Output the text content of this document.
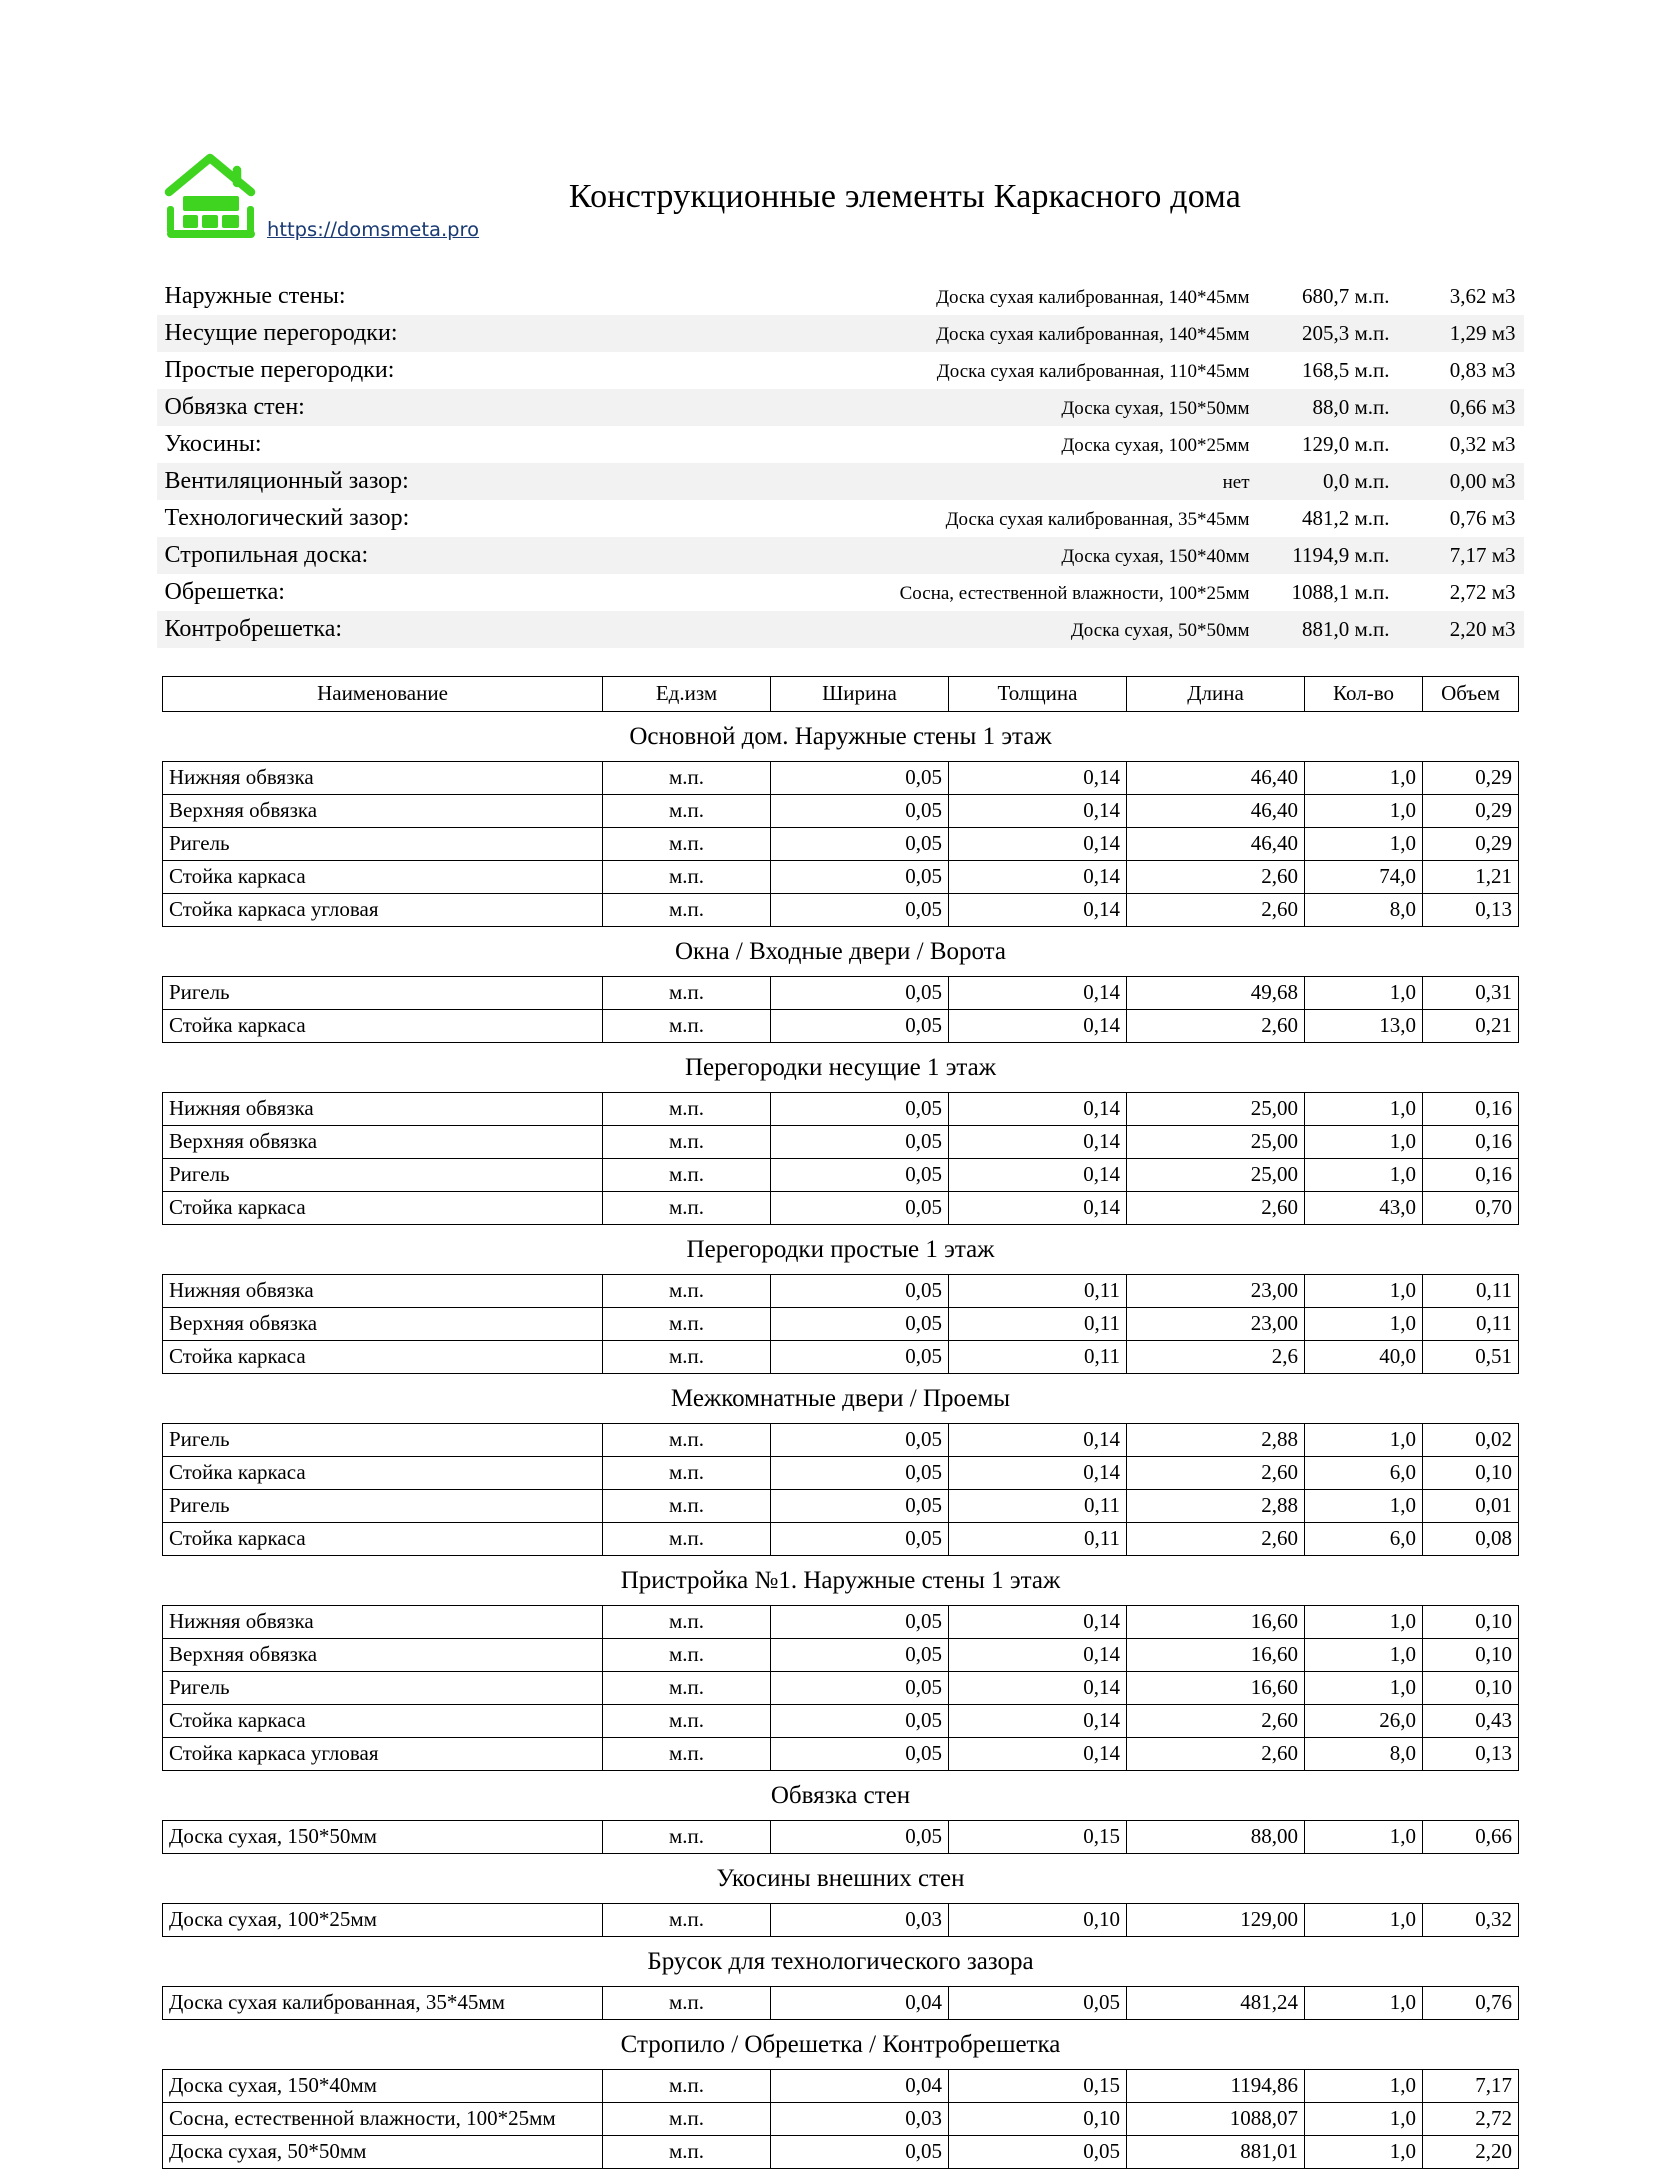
https://domsmeta.pro
Конструкционные элементы Каркасного дома
Наружные стены:	Доска сухая калиброванная, 140*45мм	680,7 м.п.	3,62 м3
Несущие перегородки:	Доска сухая калиброванная, 140*45мм	205,3 м.п.	1,29 м3
Простые перегородки:	Доска сухая калиброванная, 110*45мм	168,5 м.п.	0,83 м3
Обвязка стен:	Доска сухая, 150*50мм	88,0 м.п.	0,66 м3
Укосины:	Доска сухая, 100*25мм	129,0 м.п.	0,32 м3
Вентиляционный зазор:	нет	0,0 м.п.	0,00 м3
Технологический зазор:	Доска сухая калиброванная, 35*45мм	481,2 м.п.	0,76 м3
Стропильная доска:	Доска сухая, 150*40мм	1194,9 м.п.	7,17 м3
Обрешетка:	Сосна, естественной влажности, 100*25мм	1088,1 м.п.	2,72 м3
Контробрешетка:	Доска сухая, 50*50мм	881,0 м.п.	2,20 м3
Наименование	Ед.изм	Ширина	Толщина	Длина	Кол-во	Объем
Основной дом. Наружные стены 1 этаж						
Нижняя обвязка	м.п.	0,05	0,14	46,40	1,0	0,29
Верхняя обвязка	м.п.	0,05	0,14	46,40	1,0	0,29
Ригель	м.п.	0,05	0,14	46,40	1,0	0,29
Стойка каркаса	м.п.	0,05	0,14	2,60	74,0	1,21
Стойка каркаса угловая	м.п.	0,05	0,14	2,60	8,0	0,13
Окна / Входные двери / Ворота						
Ригель	м.п.	0,05	0,14	49,68	1,0	0,31
Стойка каркаса	м.п.	0,05	0,14	2,60	13,0	0,21
Перегородки несущие 1 этаж						
Нижняя обвязка	м.п.	0,05	0,14	25,00	1,0	0,16
Верхняя обвязка	м.п.	0,05	0,14	25,00	1,0	0,16
Ригель	м.п.	0,05	0,14	25,00	1,0	0,16
Стойка каркаса	м.п.	0,05	0,14	2,60	43,0	0,70
Перегородки простые 1 этаж						
Нижняя обвязка	м.п.	0,05	0,11	23,00	1,0	0,11
Верхняя обвязка	м.п.	0,05	0,11	23,00	1,0	0,11
Стойка каркаса	м.п.	0,05	0,11	2,6	40,0	0,51
Межкомнатные двери / Проемы						
Ригель	м.п.	0,05	0,14	2,88	1,0	0,02
Стойка каркаса	м.п.	0,05	0,14	2,60	6,0	0,10
Ригель	м.п.	0,05	0,11	2,88	1,0	0,01
Стойка каркаса	м.п.	0,05	0,11	2,60	6,0	0,08
Пристройка №1. Наружные стены 1 этаж						
Нижняя обвязка	м.п.	0,05	0,14	16,60	1,0	0,10
Верхняя обвязка	м.п.	0,05	0,14	16,60	1,0	0,10
Ригель	м.п.	0,05	0,14	16,60	1,0	0,10
Стойка каркаса	м.п.	0,05	0,14	2,60	26,0	0,43
Стойка каркаса угловая	м.п.	0,05	0,14	2,60	8,0	0,13
Обвязка стен						
Доска сухая, 150*50мм	м.п.	0,05	0,15	88,00	1,0	0,66
Укосины внешних стен						
Доска сухая, 100*25мм	м.п.	0,03	0,10	129,00	1,0	0,32
Брусок для технологического зазора						
Доска сухая калиброванная, 35*45мм	м.п.	0,04	0,05	481,24	1,0	0,76
Стропило / Обрешетка / Контробрешетка						
Доска сухая, 150*40мм	м.п.	0,04	0,15	1194,86	1,0	7,17
Сосна, естественной влажности, 100*25мм	м.п.	0,03	0,10	1088,07	1,0	2,72
Доска сухая, 50*50мм	м.п.	0,05	0,05	881,01	1,0	2,20
